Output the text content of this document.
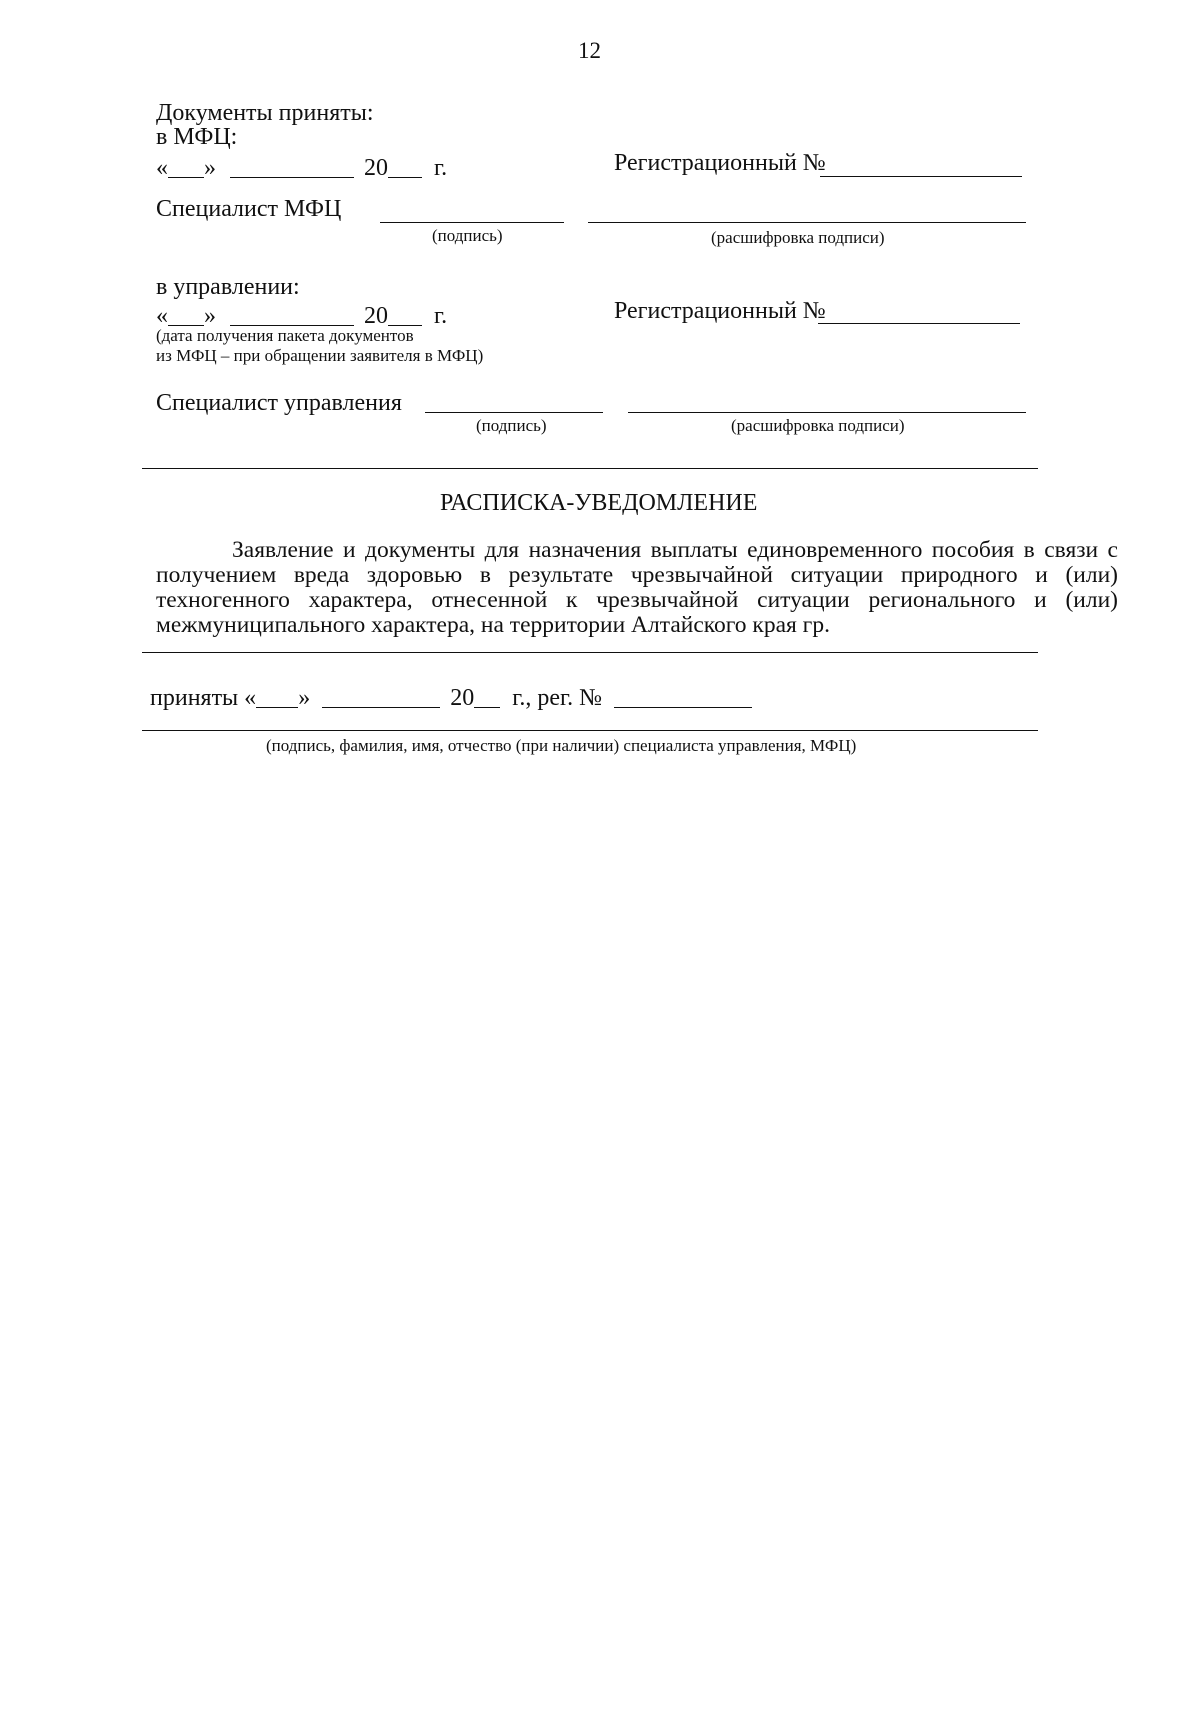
12
Документы приняты:
в МФЦ:
« »	20 г.	Регистрационный №
Специалист МФЦ
(подпись)	(расшифровка подписи)
в управлении:
« »	20 г.	Регистрационный №
(дата получения пакета документов
из МФЦ – при обращении заявителя в МФЦ)
Специалист управления
(подпись)	(расшифровка подписи)
РАСПИСКА-УВЕДОМЛЕНИЕ
Заявление и документы для назначения выплаты единовременного пособия в связи с получением вреда здоровью в результате чрезвычайной ситуации природного и (или) техногенного характера, отнесенной к чрезвычайной ситуации регионального и (или) межмуниципального характера, на территории Алтайского края гр.
приняты « »	20 г., рег. №
(подпись, фамилия, имя, отчество (при наличии) специалиста управления, МФЦ)
